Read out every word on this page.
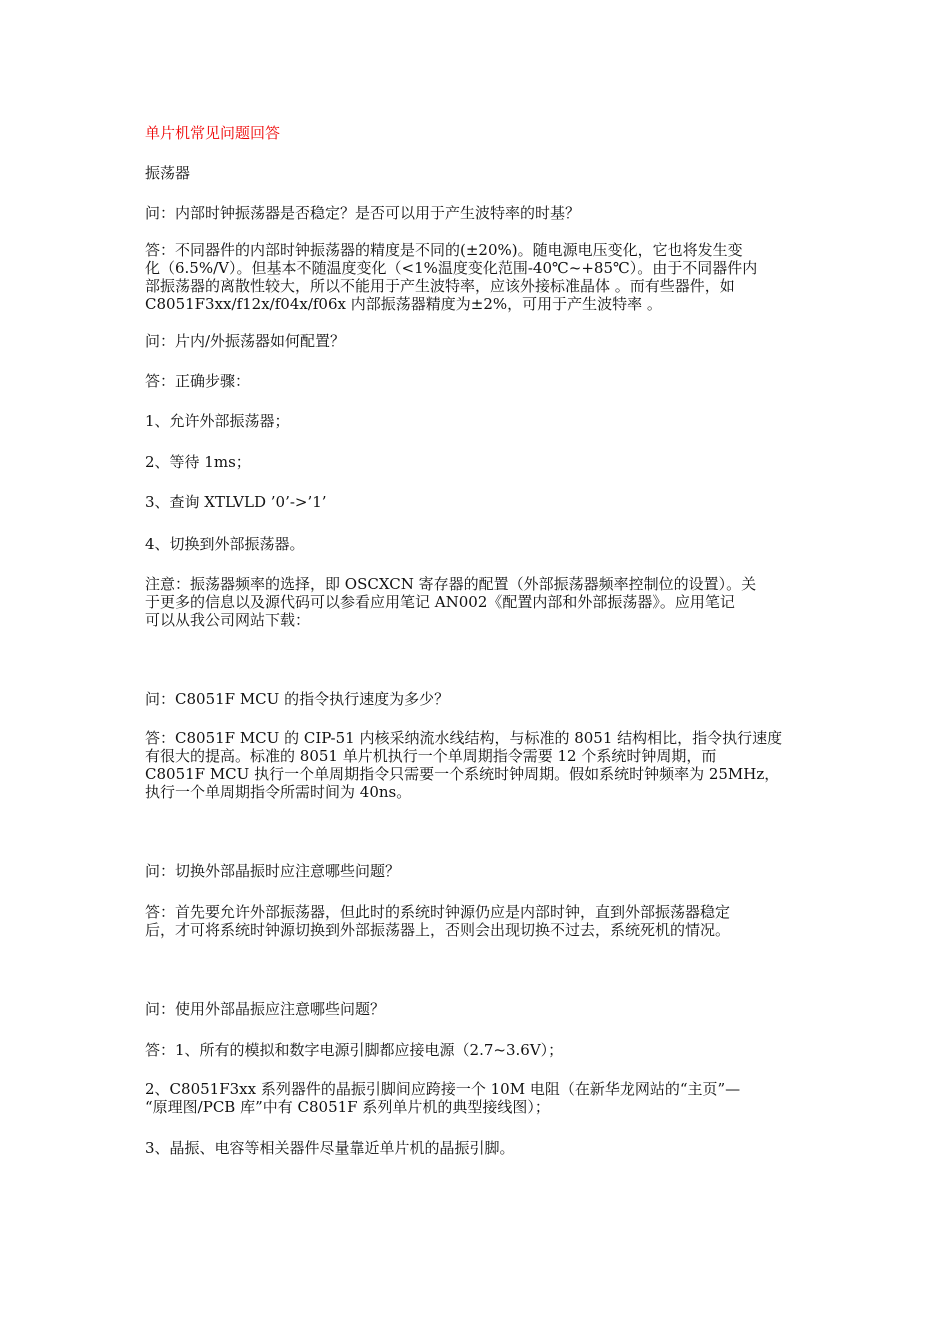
单片机常见问题回答

振荡器

问：内部时钟振荡器是否稳定？是否可以用于产生波特率的时基？

答：不同器件的内部时钟振荡器的精度是不同的(±20%)。随电源电压变化，它也将发生变
化（6.5%/V）。但基本不随温度变化（<1%温度变化范围-40℃~+85℃）。由于不同器件内
部振荡器的离散性较大，所以不能用于产生波特率，应该外接标准晶体 。而有些器件，如
C8051F3xx/f12x/f04x/f06x 内部振荡器精度为±2%，可用于产生波特率 。

问：片内/外振荡器如何配置？

答：正确步骤：

1、允许外部振荡器；

2、等待 1ms；

3、查询 XTLVLD ’0’->’1’

4、切换到外部振荡器。

注意：振荡器频率的选择，即 OSCXCN 寄存器的配置（外部振荡器频率控制位的设置）。关
于更多的信息以及源代码可以参看应用笔记 AN002《配置内部和外部振荡器》。应用笔记
可以从我公司网站下载：

问：C8051F MCU 的指令执行速度为多少？

答：C8051F MCU 的 CIP-51 内核采纳流水线结构，与标准的 8051 结构相比，指令执行速度
有很大的提高。标准的 8051 单片机执行一个单周期指令需要 12 个系统时钟周期，而
C8051F MCU 执行一个单周期指令只需要一个系统时钟周期。假如系统时钟频率为 25MHz，
执行一个单周期指令所需时间为 40ns。

问：切换外部晶振时应注意哪些问题？

答：首先要允许外部振荡器，但此时的系统时钟源仍应是内部时钟，直到外部振荡器稳定
后，才可将系统时钟源切换到外部振荡器上，否则会出现切换不过去，系统死机的情况。

问：使用外部晶振应注意哪些问题？

答：1、所有的模拟和数字电源引脚都应接电源（2.7~3.6V）；

2、C8051F3xx 系列器件的晶振引脚间应跨接一个 10M 电阻（在新华龙网站的“主页”—
“原理图/PCB 库”中有 C8051F 系列单片机的典型接线图）；

3、晶振、电容等相关器件尽量靠近单片机的晶振引脚。
